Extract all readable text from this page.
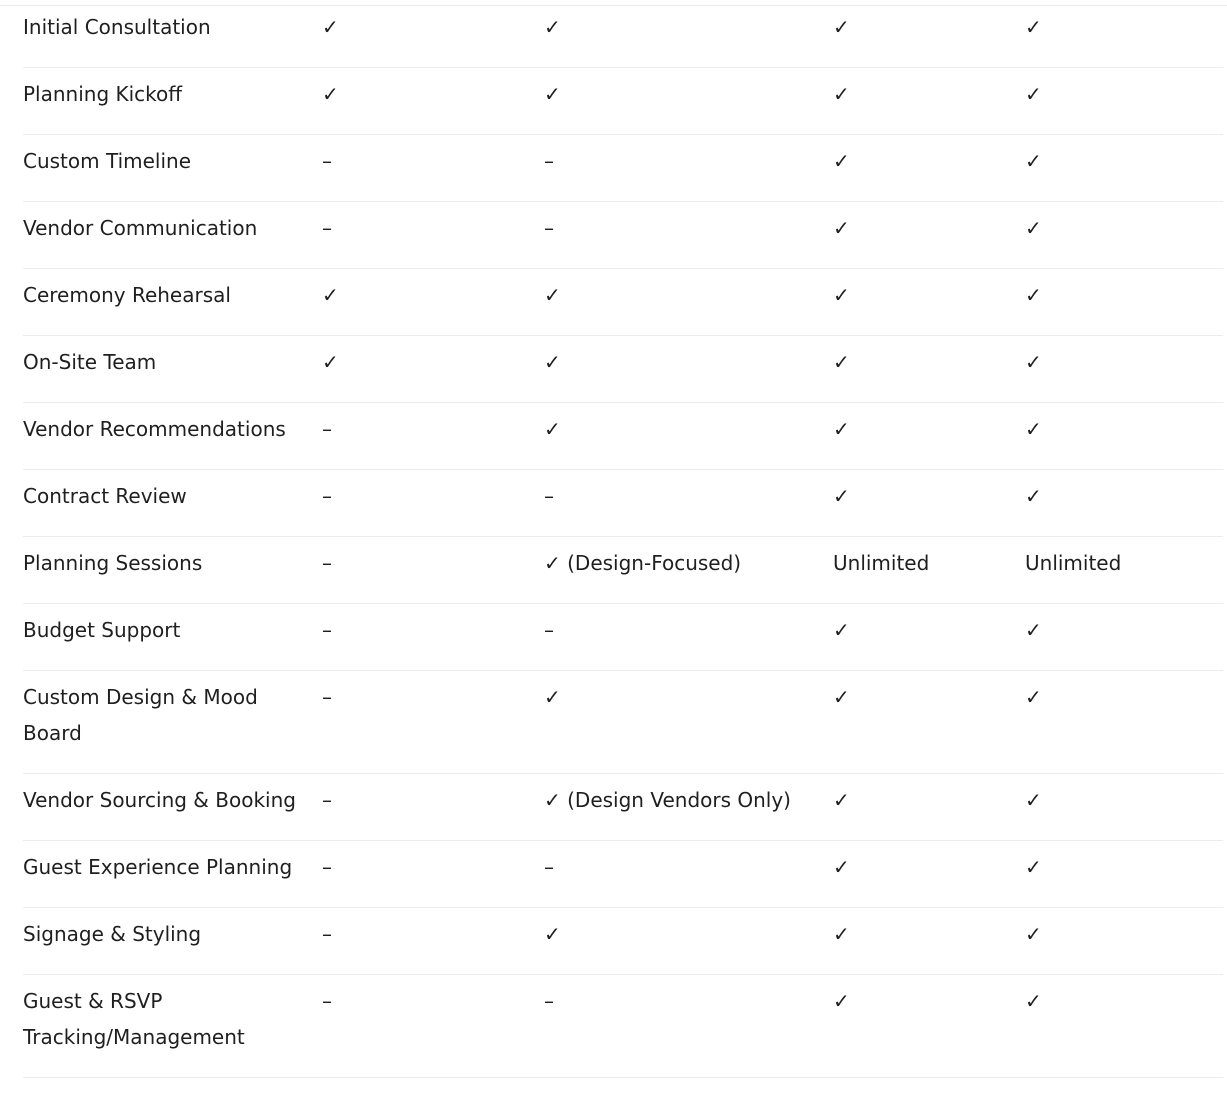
Initial Consultation	✓	✓	✓	✓
Planning Kickoff	✓	✓	✓	✓
Custom Timeline	–	–	✓	✓
Vendor Communication	–	–	✓	✓
Ceremony Rehearsal	✓	✓	✓	✓
On-Site Team	✓	✓	✓	✓
Vendor Recommendations	–	✓	✓	✓
Contract Review	–	–	✓	✓
Planning Sessions	–	✓ (Design-Focused)	Unlimited	Unlimited
Budget Support	–	–	✓	✓
Custom Design & Mood Board	–	✓	✓	✓
Vendor Sourcing & Booking	–	✓ (Design Vendors Only)	✓	✓
Guest Experience Planning	–	–	✓	✓
Signage & Styling	–	✓	✓	✓
Guest & RSVP Tracking/Management	–	–	✓	✓
